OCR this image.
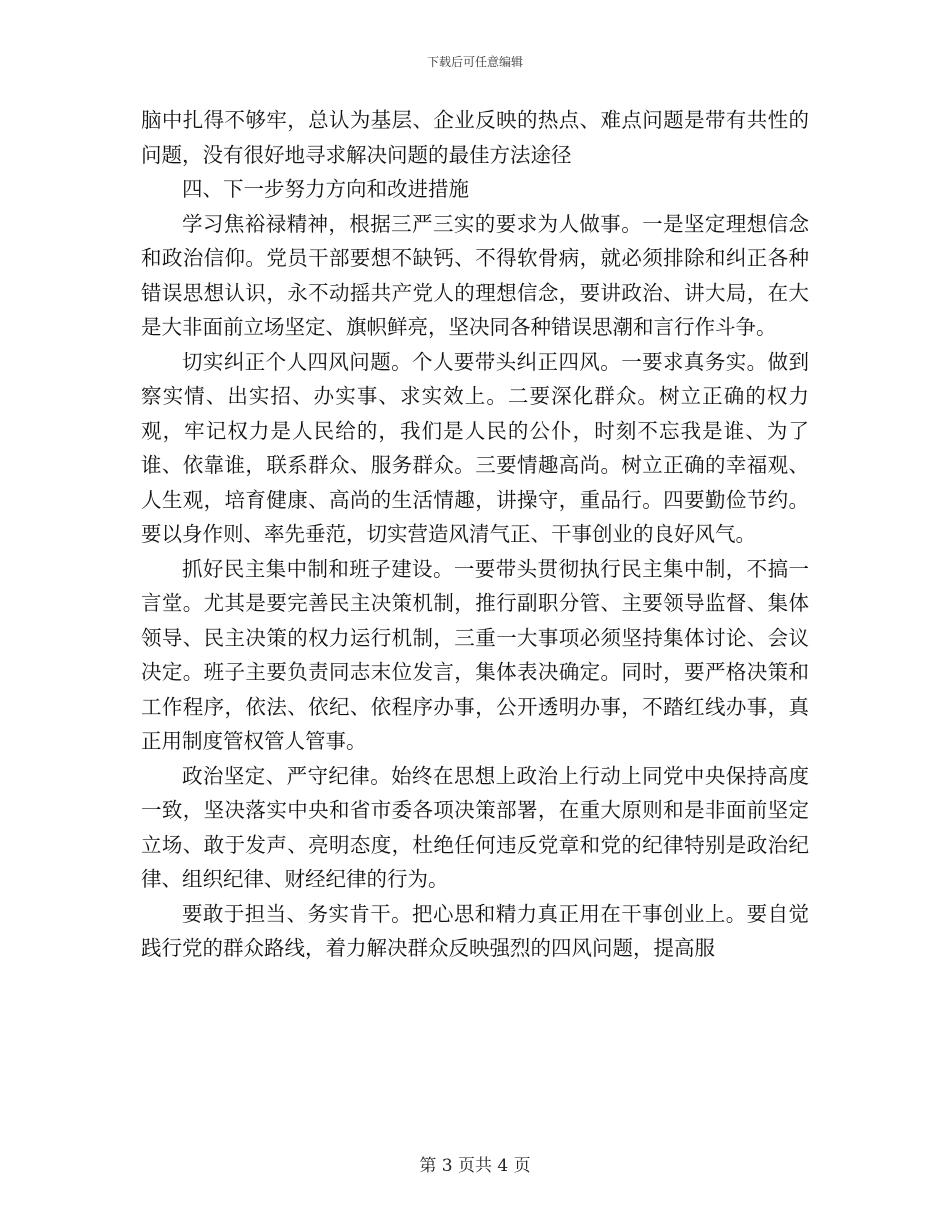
下载后可任意编辑

脑中扎得不够牢，总认为基层、企业反映的热点、难点问题是带有共性的问题，没有很好地寻求解决问题的最佳方法途径

四、下一步努力方向和改进措施

学习焦裕禄精神，根据三严三实的要求为人做事。一是坚定理想信念和政治信仰。党员干部要想不缺钙、不得软骨病，就必须排除和纠正各种错误思想认识，永不动摇共产党人的理想信念，要讲政治、讲大局，在大是大非面前立场坚定、旗帜鲜亮，坚决同各种错误思潮和言行作斗争。

切实纠正个人四风问题。个人要带头纠正四风。一要求真务实。做到察实情、出实招、办实事、求实效上。二要深化群众。树立正确的权力观，牢记权力是人民给的，我们是人民的公仆，时刻不忘我是谁、为了谁、依靠谁，联系群众、服务群众。三要情趣高尚。树立正确的幸福观、人生观，培育健康、高尚的生活情趣，讲操守，重品行。四要勤俭节约。要以身作则、率先垂范，切实营造风清气正、干事创业的良好风气。

抓好民主集中制和班子建设。一要带头贯彻执行民主集中制，不搞一言堂。尤其是要完善民主决策机制，推行副职分管、主要领导监督、集体领导、民主决策的权力运行机制，三重一大事项必须坚持集体讨论、会议决定。班子主要负责同志末位发言，集体表决确定。同时，要严格决策和工作程序，依法、依纪、依程序办事，公开透明办事，不踏红线办事，真正用制度管权管人管事。

政治坚定、严守纪律。始终在思想上政治上行动上同党中央保持高度一致，坚决落实中央和省市委各项决策部署，在重大原则和是非面前坚定立场、敢于发声、亮明态度，杜绝任何违反党章和党的纪律特别是政治纪律、组织纪律、财经纪律的行为。

要敢于担当、务实肯干。把心思和精力真正用在干事创业上。要自觉践行党的群众路线，着力解决群众反映强烈的四风问题，提高服

第 3 页共 4 页
